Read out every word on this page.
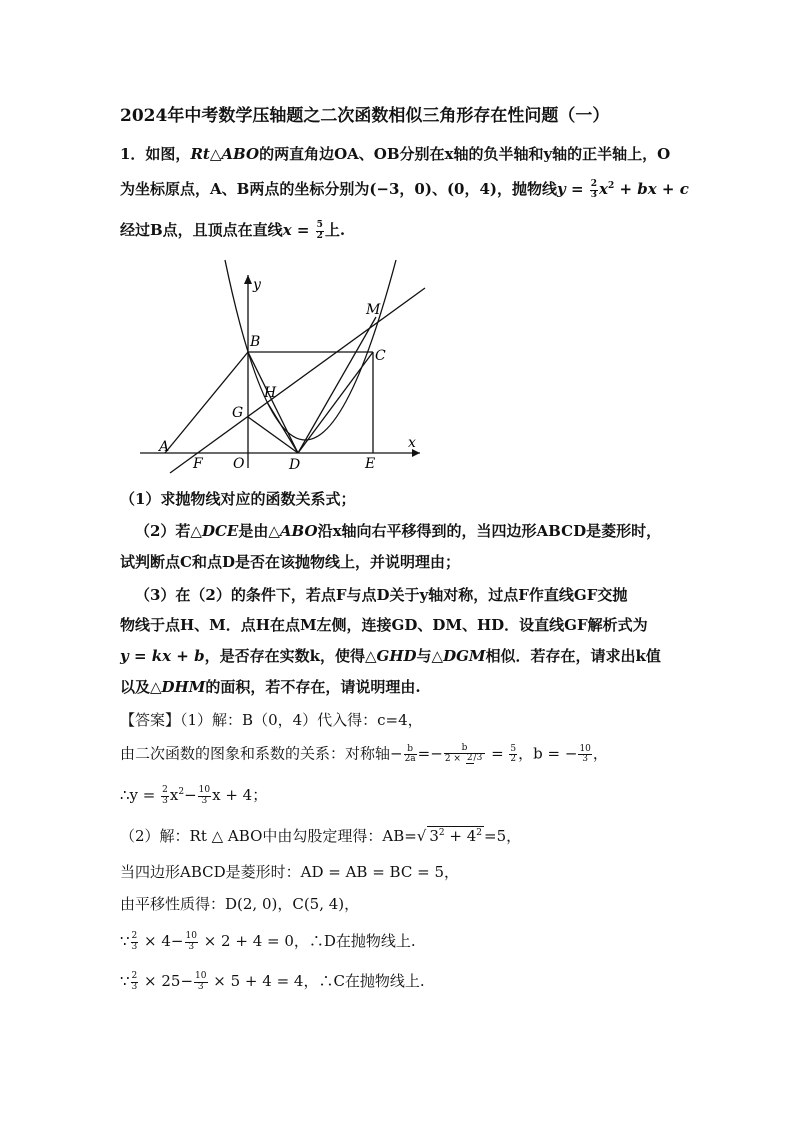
2024年中考数学压轴题之二次函数相似三角形存在性问题（一）
1．如图，Rt△ABO的两直角边OA、OB分别在x轴的负半轴和y轴的正半轴上，O
为坐标原点，A、B两点的坐标分别为(−3，0)、(0，4)，抛物线$y = \frac{2}{3} x^2$ + bx + c
经过B点，且顶点在直线$x = \frac{5}{2}$ 上.
y
x
M
B
C
H
G
A
F O	D	E
（1）求抛物线对应的函数关系式；
（2）若△DCE是由△ABO沿x轴向右平移得到的，当四边形ABCD是菱形时，
试判断点C和点D是否在该抛物线上，并说明理由；
（3）在（2）的条件下，若点F与点D关于y轴对称，过点F作直线GF交抛
物线于点H、M．点H在点M左侧，连接GD、DM、HD．设直线GF解析式为
y = kx + b，是否存在实数k，使得△GHD与△DGM相似．若存在，请求出k值
以及△DHM的面积，若不存在，请说明理由.
【答案】（1）解：B（0，4）代入得：c=4，
由二次函数的图象和系数的关系：对称轴− $\frac{b}{2a} =- \frac{b}{2 \times 2/3} = \frac{5}{2}$ ，b = − $\frac{10}{3}$ ，
∴y = $\frac{2}{3} x^2- \frac{10}{3}$ x + 4；
（2）解：Rt △ ABO中由勾股定理得：AB=√ $3^2 + 4^2 =5$，
当四边形ABCD是菱形时：AD = AB = BC = 5，
由平移性质得：D(2, 0)，C(5, 4)，
∵ $\frac{2}{3} \times 4- \frac{10}{3} \times 2 + 4 = 0$，∴D在抛物线上.
∵ $\frac{2}{3} \times 25- \frac{10}{3} \times 5 + 4 = 4$，∴C在抛物线上.
